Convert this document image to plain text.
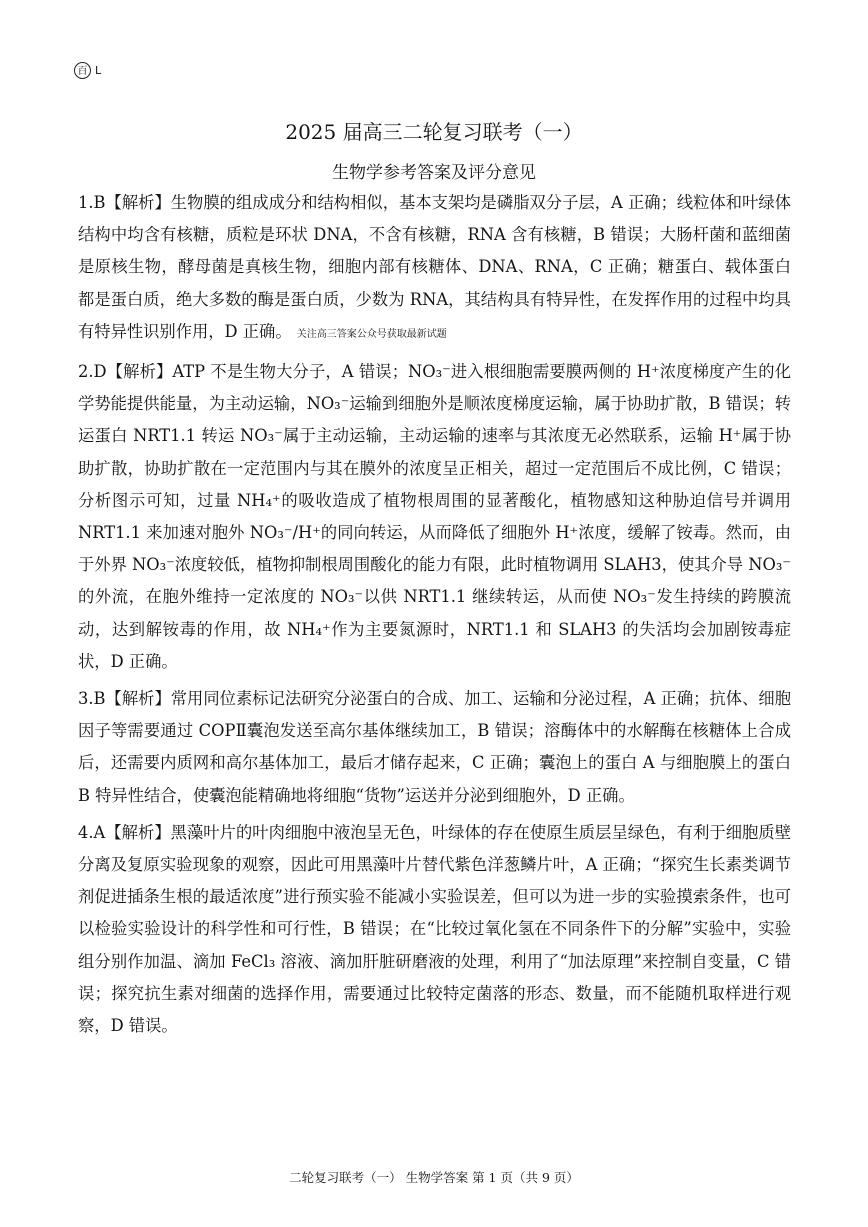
百 L
2025 届高三二轮复习联考（一）
生物学参考答案及评分意见

1.B【解析】生物膜的组成成分和结构相似，基本支架均是磷脂双分子层，A 正确；线粒体和叶绿体结构中均含有核糖，质粒是环状 DNA，不含有核糖，RNA 含有核糖，B 错误；大肠杆菌和蓝细菌是原核生物，酵母菌是真核生物，细胞内部有核糖体、DNA、RNA，C 正确；糖蛋白、载体蛋白都是蛋白质，绝大多数的酶是蛋白质，少数为 RNA，其结构具有特异性，在发挥作用的过程中均具有特异性识别作用，D 正确。 关注高三答案公众号获取最新试题

2.D【解析】ATP 不是生物大分子，A 错误；NO₃⁻进入根细胞需要膜两侧的 H⁺浓度梯度产生的化学势能提供能量，为主动运输，NO₃⁻运输到细胞外是顺浓度梯度运输，属于协助扩散，B 错误；转运蛋白 NRT1.1 转运 NO₃⁻属于主动运输，主动运输的速率与其浓度无必然联系，运输 H⁺属于协助扩散，协助扩散在一定范围内与其在膜外的浓度呈正相关，超过一定范围后不成比例，C 错误；分析图示可知，过量 NH₄⁺的吸收造成了植物根周围的显著酸化，植物感知这种胁迫信号并调用 NRT1.1 来加速对胞外 NO₃⁻/H⁺的同向转运，从而降低了细胞外 H⁺浓度，缓解了铵毒。然而，由于外界 NO₃⁻浓度较低，植物抑制根周围酸化的能力有限，此时植物调用 SLAH3，使其介导 NO₃⁻的外流，在胞外维持一定浓度的 NO₃⁻以供 NRT1.1 继续转运，从而使 NO₃⁻发生持续的跨膜流动，达到解铵毒的作用，故 NH₄⁺作为主要氮源时，NRT1.1 和 SLAH3 的失活均会加剧铵毒症状，D 正确。

3.B【解析】常用同位素标记法研究分泌蛋白的合成、加工、运输和分泌过程，A 正确；抗体、细胞因子等需要通过 COPⅡ囊泡发送至高尔基体继续加工，B 错误；溶酶体中的水解酶在核糖体上合成后，还需要内质网和高尔基体加工，最后才储存起来，C 正确；囊泡上的蛋白 A 与细胞膜上的蛋白 B 特异性结合，使囊泡能精确地将细胞“货物”运送并分泌到细胞外，D 正确。

4.A【解析】黑藻叶片的叶肉细胞中液泡呈无色，叶绿体的存在使原生质层呈绿色，有利于细胞质壁分离及复原实验现象的观察，因此可用黑藻叶片替代紫色洋葱鳞片叶，A 正确；“探究生长素类调节剂促进插条生根的最适浓度”进行预实验不能减小实验误差，但可以为进一步的实验摸索条件，也可以检验实验设计的科学性和可行性，B 错误；在“比较过氧化氢在不同条件下的分解”实验中，实验组分别作加温、滴加 FeCl₃ 溶液、滴加肝脏研磨液的处理，利用了“加法原理”来控制自变量，C 错误；探究抗生素对细菌的选择作用，需要通过比较特定菌落的形态、数量，而不能随机取样进行观察，D 错误。

二轮复习联考（一） 生物学答案 第 1 页（共 9 页）
